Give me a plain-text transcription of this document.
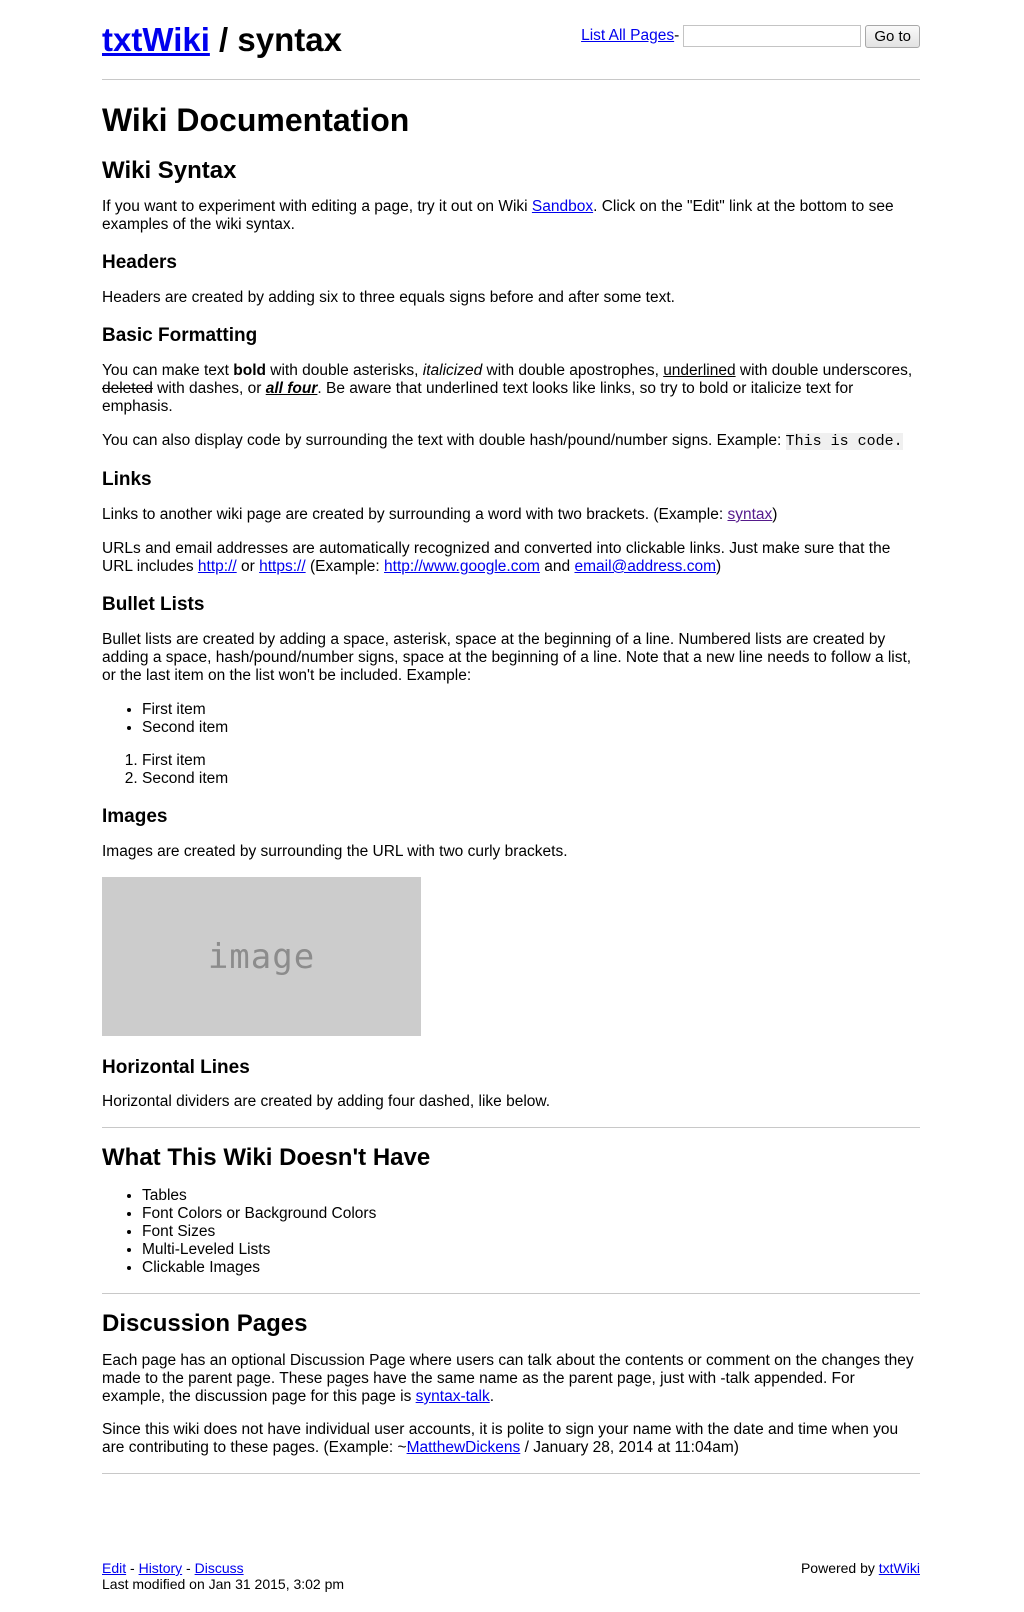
txtWiki / syntax	List All Pages -	Go to
Wiki Documentation
Wiki Syntax

If you want to experiment with editing a page, try it out on Wiki Sandbox. Click on the "Edit" link at the bottom to see examples of the wiki syntax.

Headers

Headers are created by adding six to three equals signs before and after some text.

Basic Formatting

You can make text bold with double asterisks, italicized with double apostrophes, underlined with double underscores, deleted with dashes, or all four. Be aware that underlined text looks like links, so try to bold or italicize text for emphasis.

You can also display code by surrounding the text with double hash/pound/number signs. Example: This is code.

Links

Links to another wiki page are created by surrounding a word with two brackets. (Example: syntax)

URLs and email addresses are automatically recognized and converted into clickable links. Just make sure that the URL includes http:// or https:// (Example: http://www.google.com and email@address.com)

Bullet Lists

Bullet lists are created by adding a space, asterisk, space at the beginning of a line. Numbered lists are created by adding a space, hash/pound/number signs, space at the beginning of a line. Note that a new line needs to follow a list, or the last item on the list won't be included. Example:

• First item
• Second item
1. First item
2. Second item
Images

Images are created by surrounding the URL with two curly brackets.

image
Horizontal Lines

Horizontal dividers are created by adding four dashed, like below.

What This Wiki Doesn't Have
• Tables
• Font Colors or Background Colors
• Font Sizes
• Multi-Leveled Lists
• Clickable Images
Discussion Pages

Each page has an optional Discussion Page where users can talk about the contents or comment on the changes they made to the parent page. These pages have the same name as the parent page, just with -talk appended. For example, the discussion page for this page is syntax-talk.

Since this wiki does not have individual user accounts, it is polite to sign your name with the date and time when you are contributing to these pages. (Example: ~MatthewDickens / January 28, 2014 at 11:04am)

Edit - History - Discuss
Last modified on Jan 31 2015, 3:02 pm
Powered by txtWiki
